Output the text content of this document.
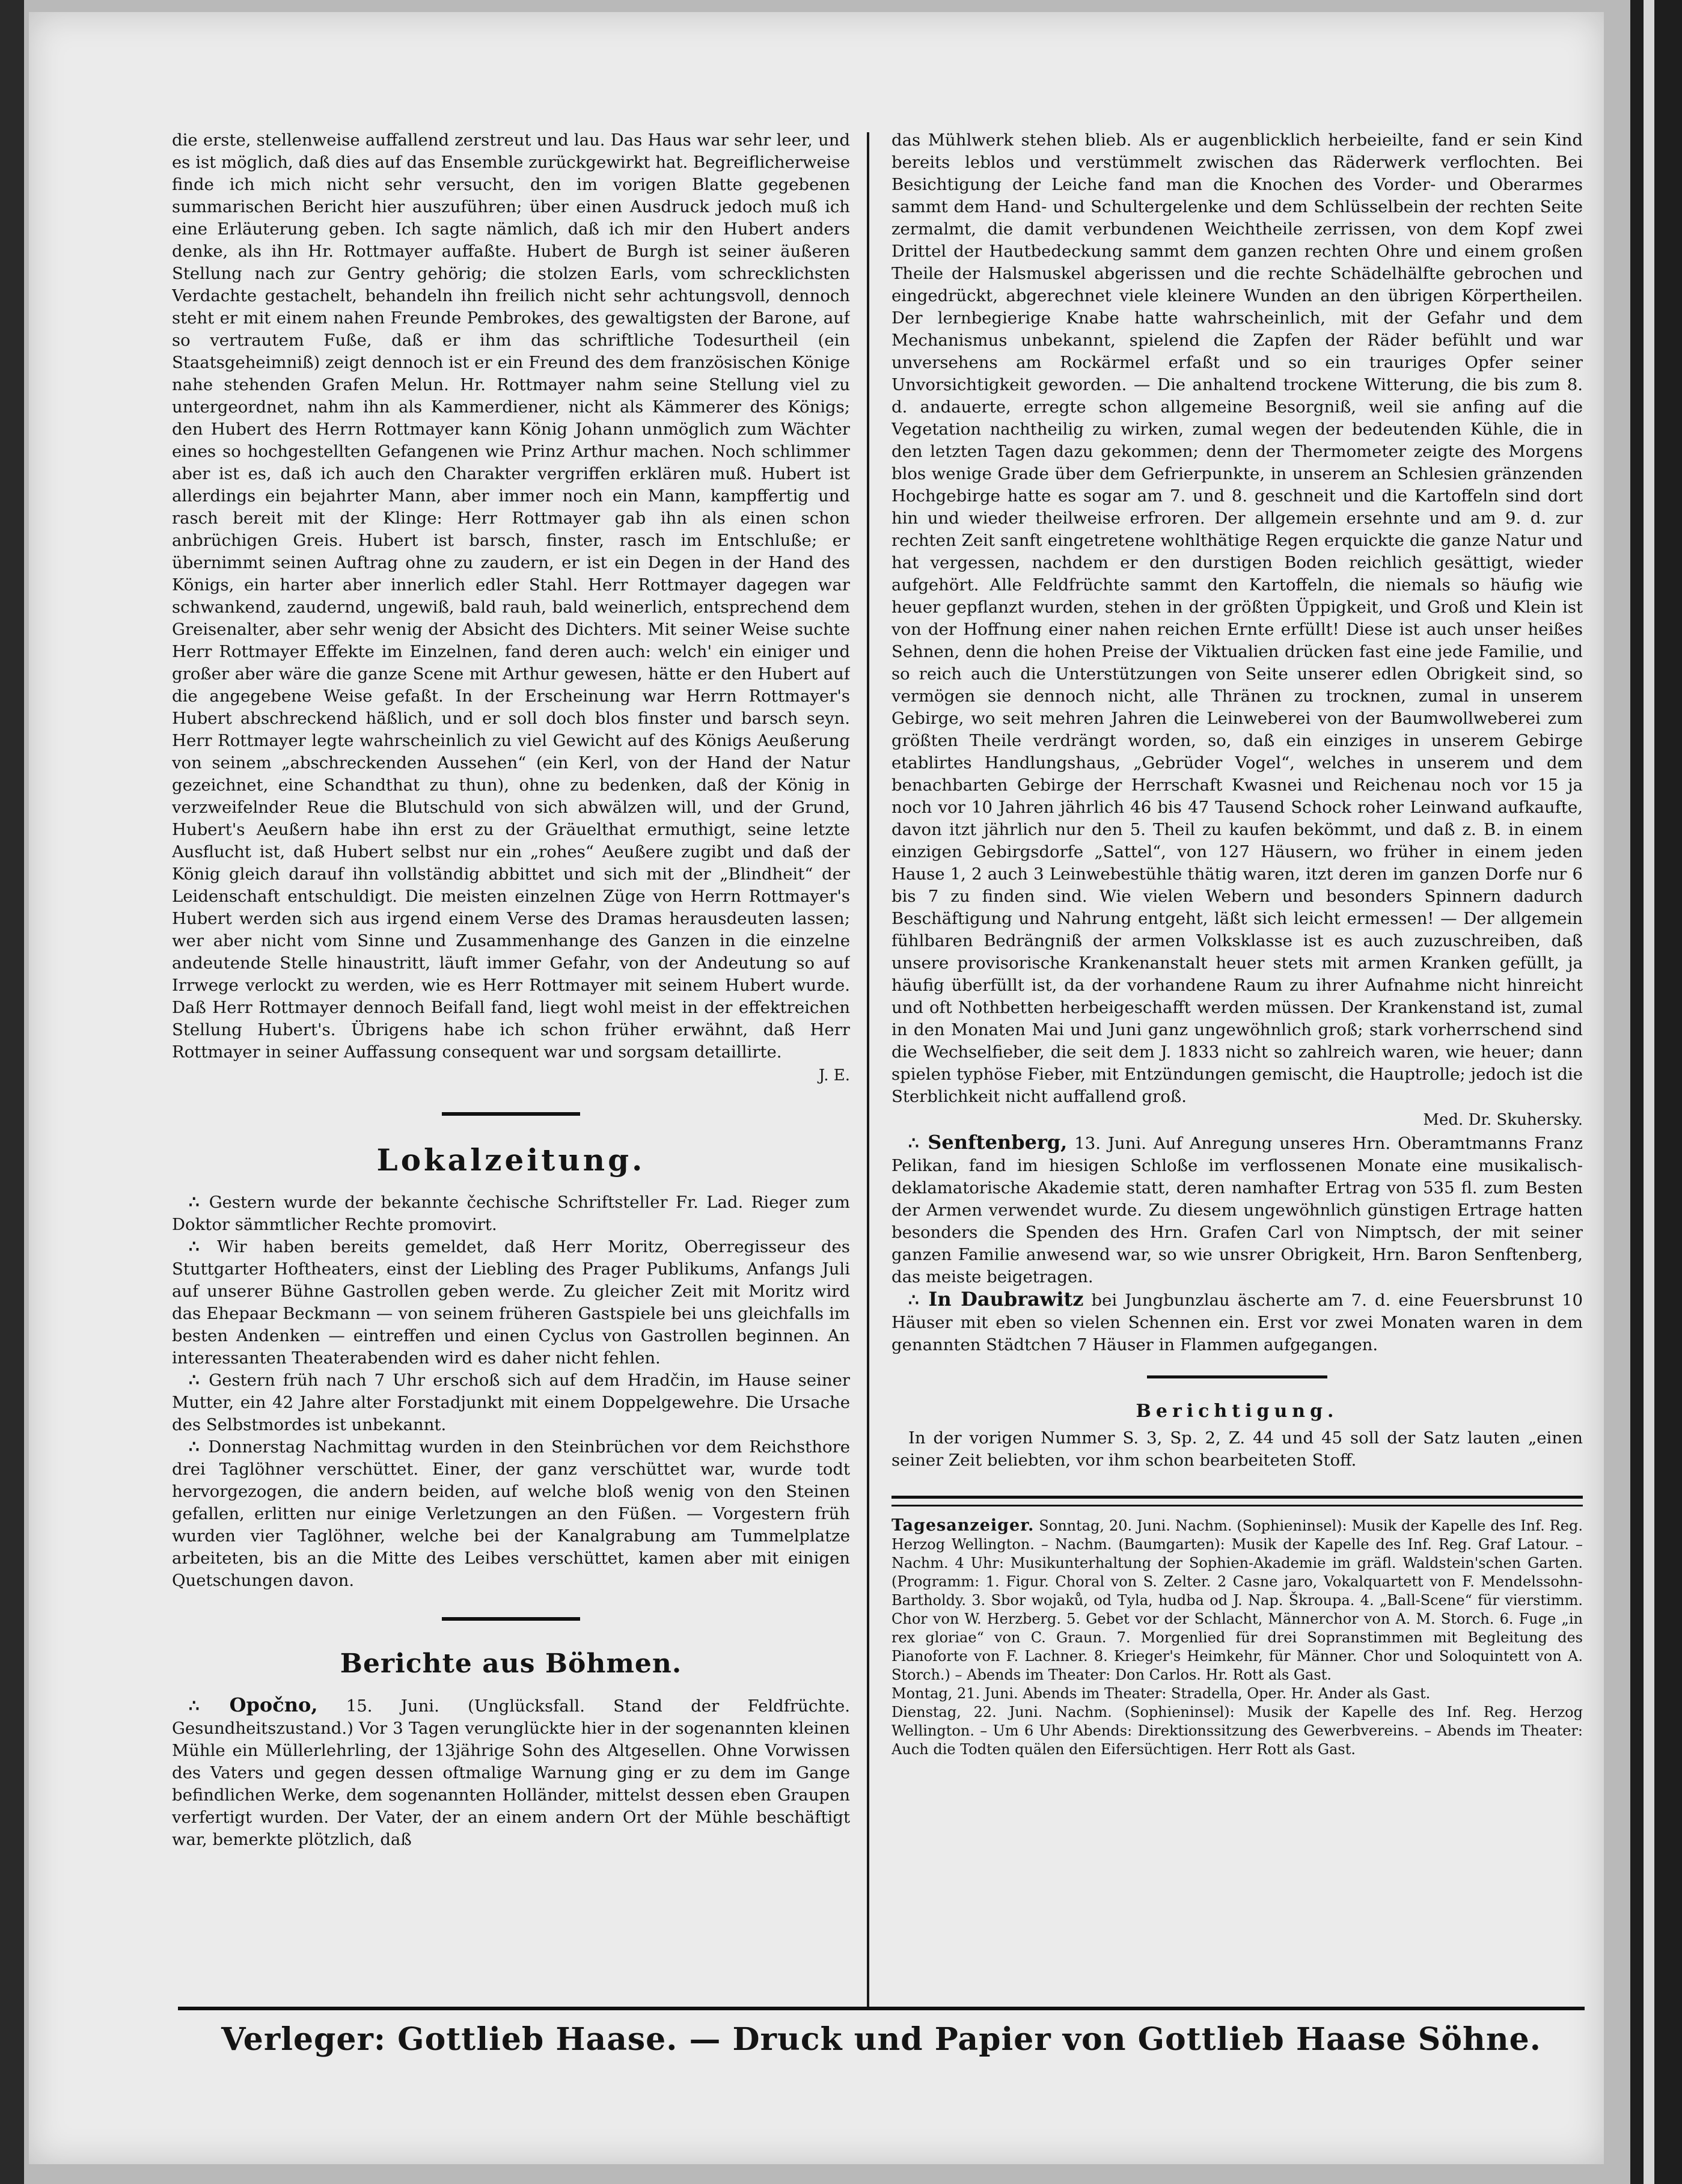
die erste, stellenweise auffallend zerstreut und lau. Das Haus war sehr leer, und es ist möglich, daß dies auf das Ensemble zurückgewirkt hat. Begreiflicherweise finde ich mich nicht sehr versucht, den im vorigen Blatte gegebenen summarischen Bericht hier auszuführen; über einen Ausdruck jedoch muß ich eine Erläuterung geben. Ich sagte nämlich, daß ich mir den Hubert anders denke, als ihn Hr. Rottmayer auffaßte. Hubert de Burgh ist seiner äußeren Stellung nach zur Gentry gehörig; die stolzen Earls, vom schrecklichsten Verdachte gestachelt, behandeln ihn freilich nicht sehr achtungsvoll, dennoch steht er mit einem nahen Freunde Pembrokes, des gewaltigsten der Barone, auf so vertrautem Fuße, daß er ihm das schriftliche Todesurtheil (ein Staatsgeheimniß) zeigt dennoch ist er ein Freund des dem französischen Könige nahe stehenden Grafen Melun. Hr. Rottmayer nahm seine Stellung viel zu untergeordnet, nahm ihn als Kammerdiener, nicht als Kämmerer des Königs; den Hubert des Herrn Rottmayer kann König Johann unmöglich zum Wächter eines so hochgestellten Gefangenen wie Prinz Arthur machen. Noch schlimmer aber ist es, daß ich auch den Charakter vergriffen erklären muß. Hubert ist allerdings ein bejahrter Mann, aber immer noch ein Mann, kampffertig und rasch bereit mit der Klinge: Herr Rottmayer gab ihn als einen schon anbrüchigen Greis. Hubert ist barsch, finster, rasch im Entschluße; er übernimmt seinen Auftrag ohne zu zaudern, er ist ein Degen in der Hand des Königs, ein harter aber innerlich edler Stahl. Herr Rottmayer dagegen war schwankend, zaudernd, ungewiß, bald rauh, bald weinerlich, entsprechend dem Greisenalter, aber sehr wenig der Absicht des Dichters. Mit seiner Weise suchte Herr Rottmayer Effekte im Einzelnen, fand deren auch: welch' ein einiger und großer aber wäre die ganze Scene mit Arthur gewesen, hätte er den Hubert auf die angegebene Weise gefaßt. In der Erscheinung war Herrn Rottmayer's Hubert abschreckend häßlich, und er soll doch blos finster und barsch seyn. Herr Rottmayer legte wahrscheinlich zu viel Gewicht auf des Königs Aeußerung von seinem „abschreckenden Aussehen“ (ein Kerl, von der Hand der Natur gezeichnet, eine Schandthat zu thun), ohne zu bedenken, daß der König in verzweifelnder Reue die Blutschuld von sich abwälzen will, und der Grund, Hubert's Aeußern habe ihn erst zu der Gräuelthat ermuthigt, seine letzte Ausflucht ist, daß Hubert selbst nur ein „rohes“ Aeußere zugibt und daß der König gleich darauf ihn vollständig abbittet und sich mit der „Blindheit“ der Leidenschaft entschuldigt. Die meisten einzelnen Züge von Herrn Rottmayer's Hubert werden sich aus irgend einem Verse des Dramas herausdeuten lassen; wer aber nicht vom Sinne und Zusammenhange des Ganzen in die einzelne andeutende Stelle hinaustritt, läuft immer Gefahr, von der Andeutung so auf Irrwege verlockt zu werden, wie es Herr Rottmayer mit seinem Hubert wurde. Daß Herr Rottmayer dennoch Beifall fand, liegt wohl meist in der effektreichen Stellung Hubert's. Übrigens habe ich schon früher erwähnt, daß Herr Rottmayer in seiner Auffassung consequent war und sorgsam detaillirte.

J. E.
Lokalzeitung.

∴ Gestern wurde der bekannte čechische Schriftsteller Fr. Lad. Rieger zum Doktor sämmtlicher Rechte promovirt.

∴ Wir haben bereits gemeldet, daß Herr Moritz, Oberregisseur des Stuttgarter Hoftheaters, einst der Liebling des Prager Publikums, Anfangs Juli auf unserer Bühne Gastrollen geben werde. Zu gleicher Zeit mit Moritz wird das Ehepaar Beckmann — von seinem früheren Gastspiele bei uns gleichfalls im besten Andenken — eintreffen und einen Cyclus von Gastrollen beginnen. An interessanten Theaterabenden wird es daher nicht fehlen.

∴ Gestern früh nach 7 Uhr erschoß sich auf dem Hradčin, im Hause seiner Mutter, ein 42 Jahre alter Forstadjunkt mit einem Doppelgewehre. Die Ursache des Selbstmordes ist unbekannt.

∴ Donnerstag Nachmittag wurden in den Steinbrüchen vor dem Reichsthore drei Taglöhner verschüttet. Einer, der ganz verschüttet war, wurde todt hervorgezogen, die andern beiden, auf welche bloß wenig von den Steinen gefallen, erlitten nur einige Verletzungen an den Füßen. — Vorgestern früh wurden vier Taglöhner, welche bei der Kanalgrabung am Tummelplatze arbeiteten, bis an die Mitte des Leibes verschüttet, kamen aber mit einigen Quetschungen davon.

Berichte aus Böhmen.

∴ Opočno, 15. Juni. (Unglücksfall. Stand der Feldfrüchte. Gesundheitszustand.) Vor 3 Tagen verunglückte hier in der sogenannten kleinen Mühle ein Müllerlehrling, der 13jährige Sohn des Altgesellen. Ohne Vorwissen des Vaters und gegen dessen oftmalige Warnung ging er zu dem im Gange befindlichen Werke, dem sogenannten Holländer, mittelst dessen eben Graupen verfertigt wurden. Der Vater, der an einem andern Ort der Mühle beschäftigt war, bemerkte plötzlich, daß

das Mühlwerk stehen blieb. Als er augenblicklich herbeieilte, fand er sein Kind bereits leblos und verstümmelt zwischen das Räderwerk verflochten. Bei Besichtigung der Leiche fand man die Knochen des Vorder- und Oberarmes sammt dem Hand- und Schultergelenke und dem Schlüsselbein der rechten Seite zermalmt, die damit verbundenen Weichtheile zerrissen, von dem Kopf zwei Drittel der Hautbedeckung sammt dem ganzen rechten Ohre und einem großen Theile der Halsmuskel abgerissen und die rechte Schädelhälfte gebrochen und eingedrückt, abgerechnet viele kleinere Wunden an den übrigen Körpertheilen. Der lernbegierige Knabe hatte wahrscheinlich, mit der Gefahr und dem Mechanismus unbekannt, spielend die Zapfen der Räder befühlt und war unversehens am Rockärmel erfaßt und so ein trauriges Opfer seiner Unvorsichtigkeit geworden. — Die anhaltend trockene Witterung, die bis zum 8. d. andauerte, erregte schon allgemeine Besorgniß, weil sie anfing auf die Vegetation nachtheilig zu wirken, zumal wegen der bedeutenden Kühle, die in den letzten Tagen dazu gekommen; denn der Thermometer zeigte des Morgens blos wenige Grade über dem Gefrierpunkte, in unserem an Schlesien gränzenden Hochgebirge hatte es sogar am 7. und 8. geschneit und die Kartoffeln sind dort hin und wieder theilweise erfroren. Der allgemein ersehnte und am 9. d. zur rechten Zeit sanft eingetretene wohlthätige Regen erquickte die ganze Natur und hat vergessen, nachdem er den durstigen Boden reichlich gesättigt, wieder aufgehört. Alle Feldfrüchte sammt den Kartoffeln, die niemals so häufig wie heuer gepflanzt wurden, stehen in der größten Üppigkeit, und Groß und Klein ist von der Hoffnung einer nahen reichen Ernte erfüllt! Diese ist auch unser heißes Sehnen, denn die hohen Preise der Viktualien drücken fast eine jede Familie, und so reich auch die Unterstützungen von Seite unserer edlen Obrigkeit sind, so vermögen sie dennoch nicht, alle Thränen zu trocknen, zumal in unserem Gebirge, wo seit mehren Jahren die Leinweberei von der Baumwollweberei zum größten Theile verdrängt worden, so, daß ein einziges in unserem Gebirge etablirtes Handlungshaus, „Gebrüder Vogel“, welches in unserem und dem benachbarten Gebirge der Herrschaft Kwasnei und Reichenau noch vor 15 ja noch vor 10 Jahren jährlich 46 bis 47 Tausend Schock roher Leinwand aufkaufte, davon itzt jährlich nur den 5. Theil zu kaufen bekömmt, und daß z. B. in einem einzigen Gebirgsdorfe „Sattel“, von 127 Häusern, wo früher in einem jeden Hause 1, 2 auch 3 Leinwebestühle thätig waren, itzt deren im ganzen Dorfe nur 6 bis 7 zu finden sind. Wie vielen Webern und besonders Spinnern dadurch Beschäftigung und Nahrung entgeht, läßt sich leicht ermessen! — Der allgemein fühlbaren Bedrängniß der armen Volksklasse ist es auch zuzuschreiben, daß unsere provisorische Krankenanstalt heuer stets mit armen Kranken gefüllt, ja häufig überfüllt ist, da der vorhandene Raum zu ihrer Aufnahme nicht hinreicht und oft Nothbetten herbeigeschafft werden müssen. Der Krankenstand ist, zumal in den Monaten Mai und Juni ganz ungewöhnlich groß; stark vorherrschend sind die Wechselfieber, die seit dem J. 1833 nicht so zahlreich waren, wie heuer; dann spielen typhöse Fieber, mit Entzündungen gemischt, die Hauptrolle; jedoch ist die Sterblichkeit nicht auffallend groß.

Med. Dr. Skuhersky.

∴ Senftenberg, 13. Juni. Auf Anregung unseres Hrn. Oberamtmanns Franz Pelikan, fand im hiesigen Schloße im verflossenen Monate eine musikalisch-deklamatorische Akademie statt, deren namhafter Ertrag von 535 fl. zum Besten der Armen verwendet wurde. Zu diesem ungewöhnlich günstigen Ertrage hatten besonders die Spenden des Hrn. Grafen Carl von Nimptsch, der mit seiner ganzen Familie anwesend war, so wie unsrer Obrigkeit, Hrn. Baron Senftenberg, das meiste beigetragen.

∴ In Daubrawitz bei Jungbunzlau äscherte am 7. d. eine Feuersbrunst 10 Häuser mit eben so vielen Schennen ein. Erst vor zwei Monaten waren in dem genannten Städtchen 7 Häuser in Flammen aufgegangen.

Berichtigung.

In der vorigen Nummer S. 3, Sp. 2, Z. 44 und 45 soll der Satz lauten „einen seiner Zeit beliebten, vor ihm schon bearbeiteten Stoff.

Tagesanzeiger. Sonntag, 20. Juni. Nachm. (Sophieninsel): Musik der Kapelle des Inf. Reg. Herzog Wellington. – Nachm. (Baumgarten): Musik der Kapelle des Inf. Reg. Graf Latour. – Nachm. 4 Uhr: Musikunterhaltung der Sophien-Akademie im gräfl. Waldstein'schen Garten. (Programm: 1. Figur. Choral von S. Zelter. 2 Casne jaro, Vokalquartett von F. Mendelssohn-Bartholdy. 3. Sbor wojaků, od Tyla, hudba od J. Nap. Škroupa. 4. „Ball-Scene“ für vierstimm. Chor von W. Herzberg. 5. Gebet vor der Schlacht, Männerchor von A. M. Storch. 6. Fuge „in rex gloriae“ von C. Graun. 7. Morgenlied für drei Sopranstimmen mit Begleitung des Pianoforte von F. Lachner. 8. Krieger's Heimkehr, für Männer. Chor und Soloquintett von A. Storch.) – Abends im Theater: Don Carlos. Hr. Rott als Gast.
Montag, 21. Juni. Abends im Theater: Stradella, Oper. Hr. Ander als Gast.
Dienstag, 22. Juni. Nachm. (Sophieninsel): Musik der Kapelle des Inf. Reg. Herzog Wellington. – Um 6 Uhr Abends: Direktionssitzung des Gewerbvereins. – Abends im Theater: Auch die Todten quälen den Eifersüchtigen. Herr Rott als Gast.
Verleger: Gottlieb Haase. — Druck und Papier von Gottlieb Haase Söhne.
